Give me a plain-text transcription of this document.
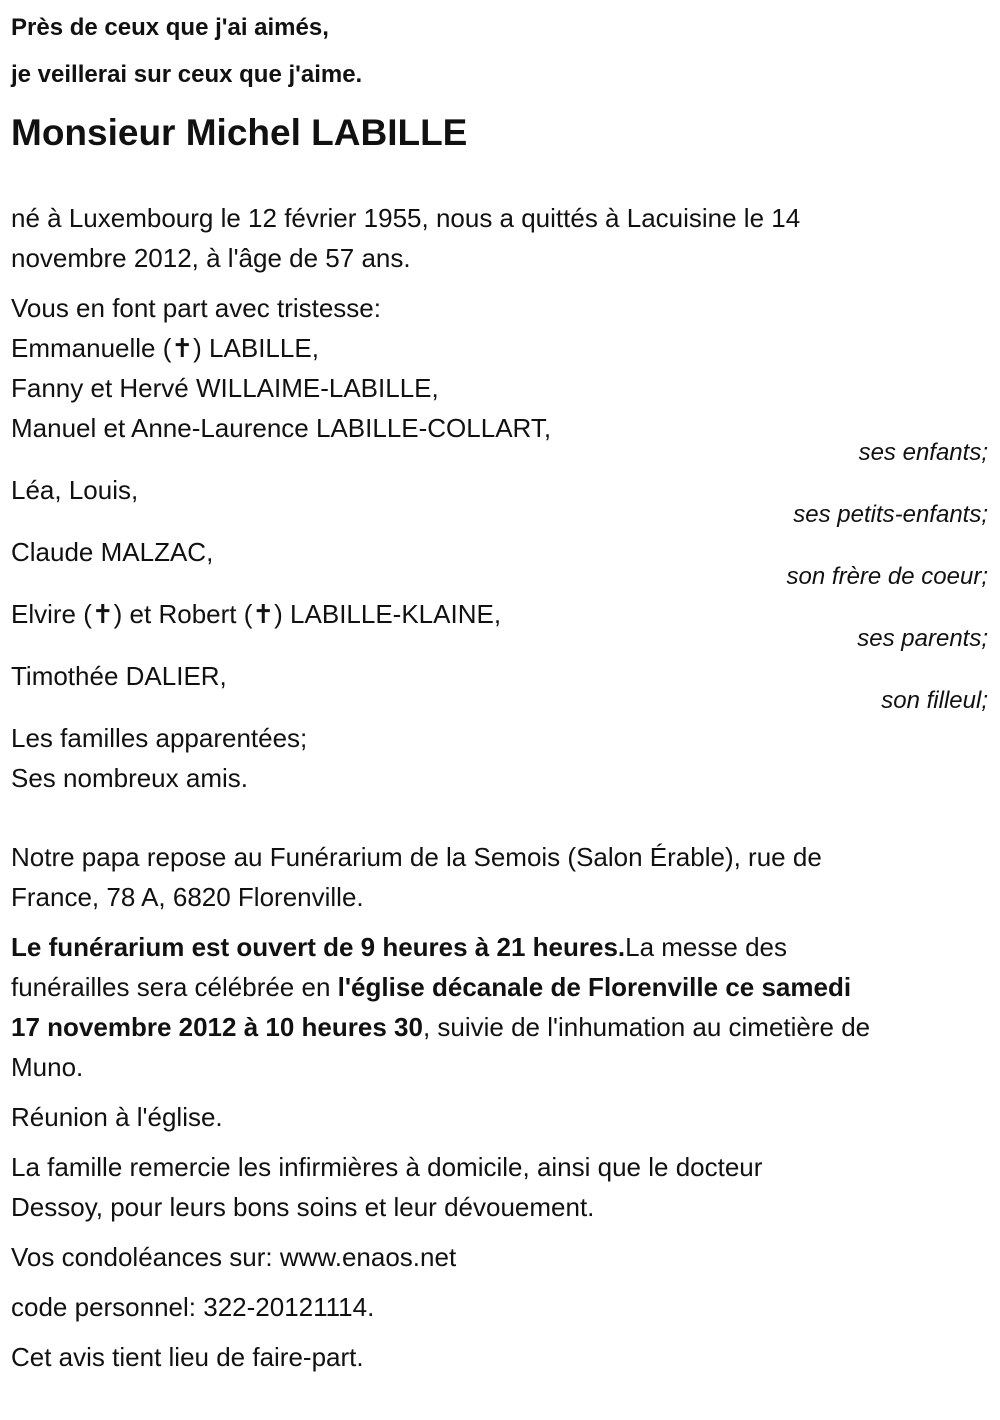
Près de ceux que j'ai aimés,
je veillerai sur ceux que j'aime.
Monsieur Michel LABILLE
né à Luxembourg le 12 février 1955, nous a quittés à Lacuisine le 14
novembre 2012, à l'âge de 57 ans.
Vous en font part avec tristesse:
Emmanuelle (✝) LABILLE,
Fanny et Hervé WILLAIME-LABILLE,
Manuel et Anne-Laurence LABILLE-COLLART,
ses enfants;
Léa, Louis,
ses petits-enfants;
Claude MALZAC,
son frère de coeur;
Elvire (✝) et Robert (✝) LABILLE-KLAINE,
ses parents;
Timothée DALIER,
son filleul;
Les familles apparentées;
Ses nombreux amis.
Notre papa repose au Funérarium de la Semois (Salon Érable), rue de
France, 78 A, 6820 Florenville.
Le funérarium est ouvert de 9 heures à 21 heures.La messe des
funérailles sera célébrée en l'église décanale de Florenville ce samedi
17 novembre 2012 à 10 heures 30, suivie de l'inhumation au cimetière de
Muno.
Réunion à l'église.
La famille remercie les infirmières à domicile, ainsi que le docteur
Dessoy, pour leurs bons soins et leur dévouement.
Vos condoléances sur: www.enaos.net
code personnel: 322-20121114.
Cet avis tient lieu de faire-part.
